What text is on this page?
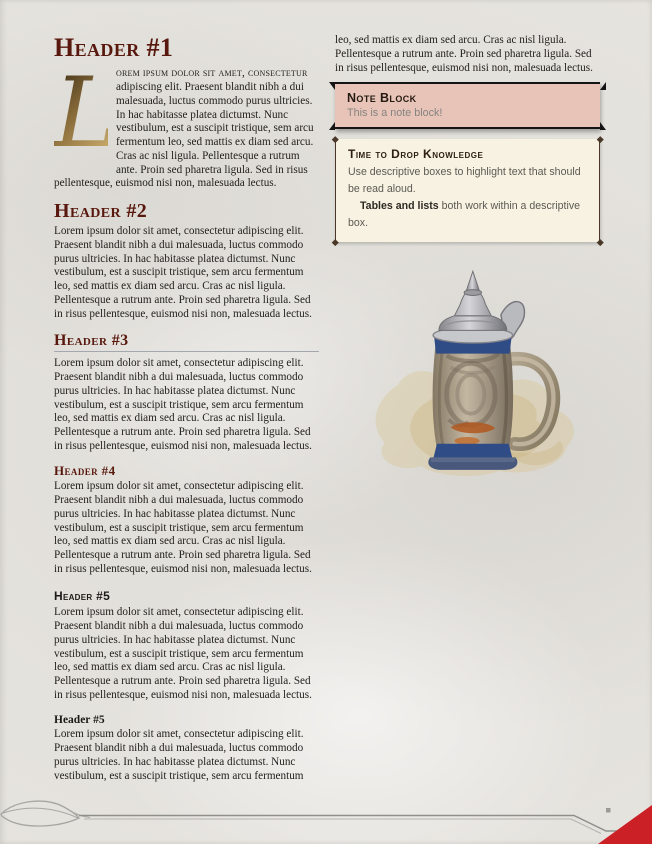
Header #1

L
orem ipsum dolor sit amet, consectetur adipiscing elit. Praesent blandit nibh a dui malesuada, luctus commodo purus ultricies. In hac habitasse platea dictumst. Nunc vestibulum, est a suscipit tristique, sem arcu fermentum leo, sed mattis ex diam sed arcu. Cras ac nisl ligula. Pellentesque a rutrum ante. Proin sed pharetra ligula. Sed in risus pellentesque, euismod nisi non, malesuada lectus.

Header #2

Lorem ipsum dolor sit amet, consectetur adipiscing elit. Praesent blandit nibh a dui malesuada, luctus commodo purus ultricies. In hac habitasse platea dictumst. Nunc vestibulum, est a suscipit tristique, sem arcu fermentum leo, sed mattis ex diam sed arcu. Cras ac nisl ligula. Pellentesque a rutrum ante. Proin sed pharetra ligula. Sed in risus pellentesque, euismod nisi non, malesuada lectus.

Header #3

Lorem ipsum dolor sit amet, consectetur adipiscing elit. Praesent blandit nibh a dui malesuada, luctus commodo purus ultricies. In hac habitasse platea dictumst. Nunc vestibulum, est a suscipit tristique, sem arcu fermentum leo, sed mattis ex diam sed arcu. Cras ac nisl ligula. Pellentesque a rutrum ante. Proin sed pharetra ligula. Sed in risus pellentesque, euismod nisi non, malesuada lectus.

Header #4

Lorem ipsum dolor sit amet, consectetur adipiscing elit. Praesent blandit nibh a dui malesuada, luctus commodo purus ultricies. In hac habitasse platea dictumst. Nunc vestibulum, est a suscipit tristique, sem arcu fermentum leo, sed mattis ex diam sed arcu. Cras ac nisl ligula. Pellentesque a rutrum ante. Proin sed pharetra ligula. Sed in risus pellentesque, euismod nisi non, malesuada lectus.

Header #5

Lorem ipsum dolor sit amet, consectetur adipiscing elit. Praesent blandit nibh a dui malesuada, luctus commodo purus ultricies. In hac habitasse platea dictumst. Nunc vestibulum, est a suscipit tristique, sem arcu fermentum leo, sed mattis ex diam sed arcu. Cras ac nisl ligula. Pellentesque a rutrum ante. Proin sed pharetra ligula. Sed in risus pellentesque, euismod nisi non, malesuada lectus.

Header #5

Lorem ipsum dolor sit amet, consectetur adipiscing elit. Praesent blandit nibh a dui malesuada, luctus commodo purus ultricies. In hac habitasse platea dictumst. Nunc vestibulum, est a suscipit tristique, sem arcu fermentum

leo, sed mattis ex diam sed arcu. Cras ac nisl ligula. Pellentesque a rutrum ante. Proin sed pharetra ligula. Sed in risus pellentesque, euismod nisi non, malesuada lectus.

Note Block
This is a note block!
Time to Drop Knowledge
Use descriptive boxes to highlight text that should be read aloud.
Tables and lists both work within a descriptive box.
